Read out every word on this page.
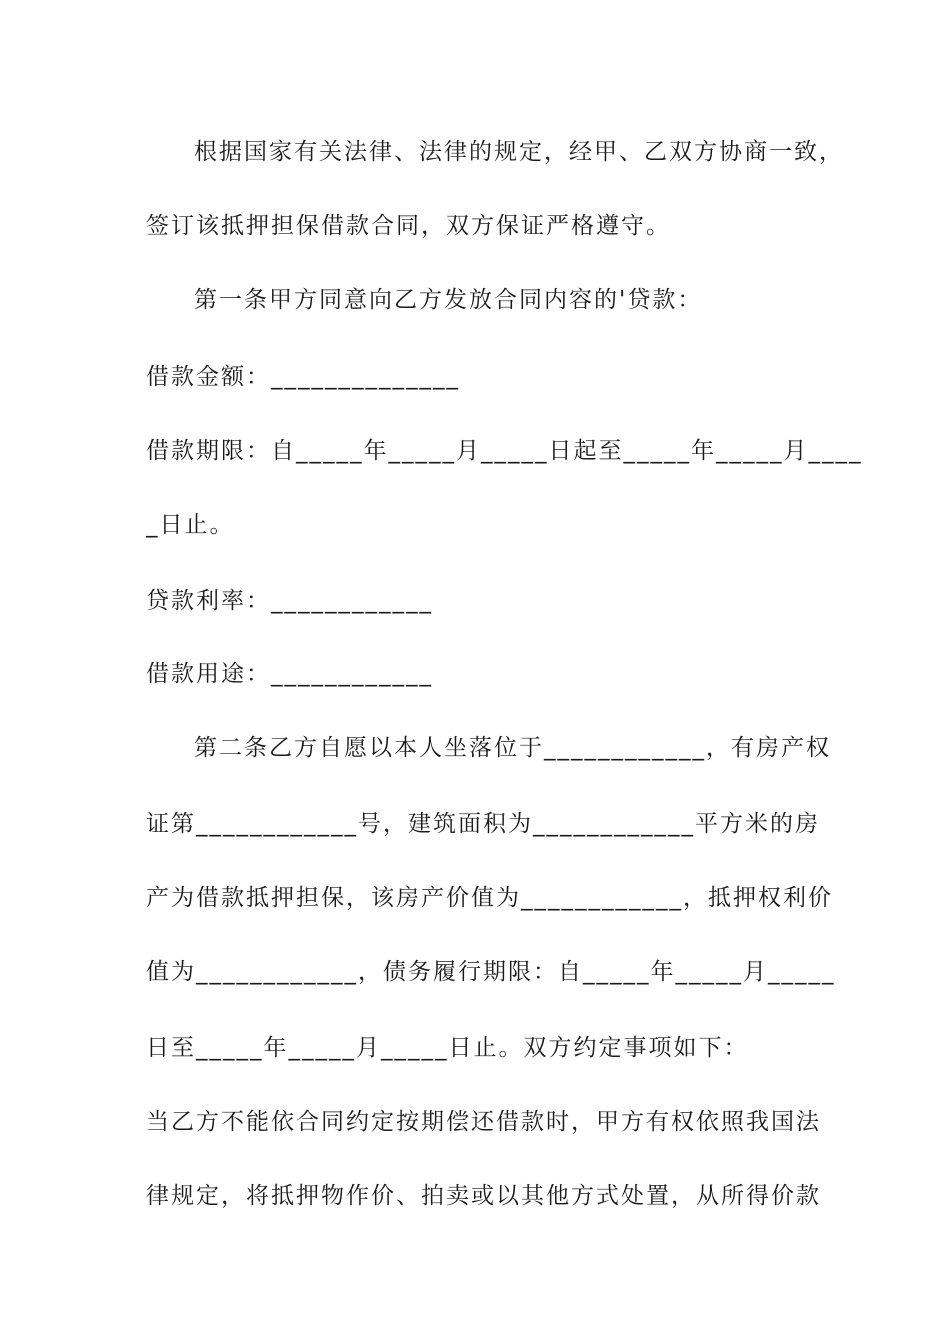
根据国家有关法律、法律的规定，经甲、乙双方协商一致，
签订该抵押担保借款合同，双方保证严格遵守。
第一条甲方同意向乙方发放合同内容的'贷款：
借款金额：______________
借款期限：自_____年_____月_____日起至_____年_____月____
_日止。
贷款利率：____________
借款用途：____________
第二条乙方自愿以本人坐落位于____________，有房产权
证第____________号，建筑面积为____________平方米的房
产为借款抵押担保，该房产价值为____________，抵押权利价
值为____________，债务履行期限：自_____年_____月_____
日至_____年_____月_____日止。双方约定事项如下：
当乙方不能依合同约定按期偿还借款时，甲方有权依照我国法
律规定，将抵押物作价、拍卖或以其他方式处置，从所得价款
